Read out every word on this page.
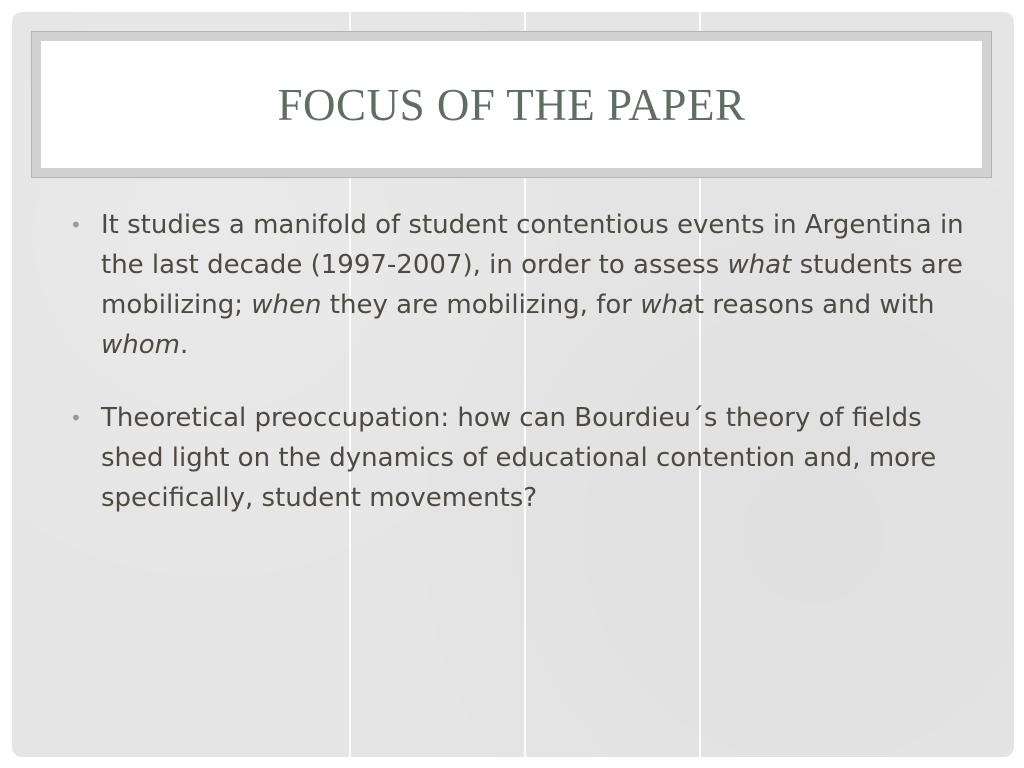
FOCUS OF THE PAPER
• It studies a manifold of student contentious events in Argentina in the last decade (1997-2007), in order to assess what students are mobilizing; when they are mobilizing, for what reasons and with whom.
• Theoretical preoccupation: how can Bourdieu´s theory of fields shed light on the dynamics of educational contention and, more specifically, student movements?
